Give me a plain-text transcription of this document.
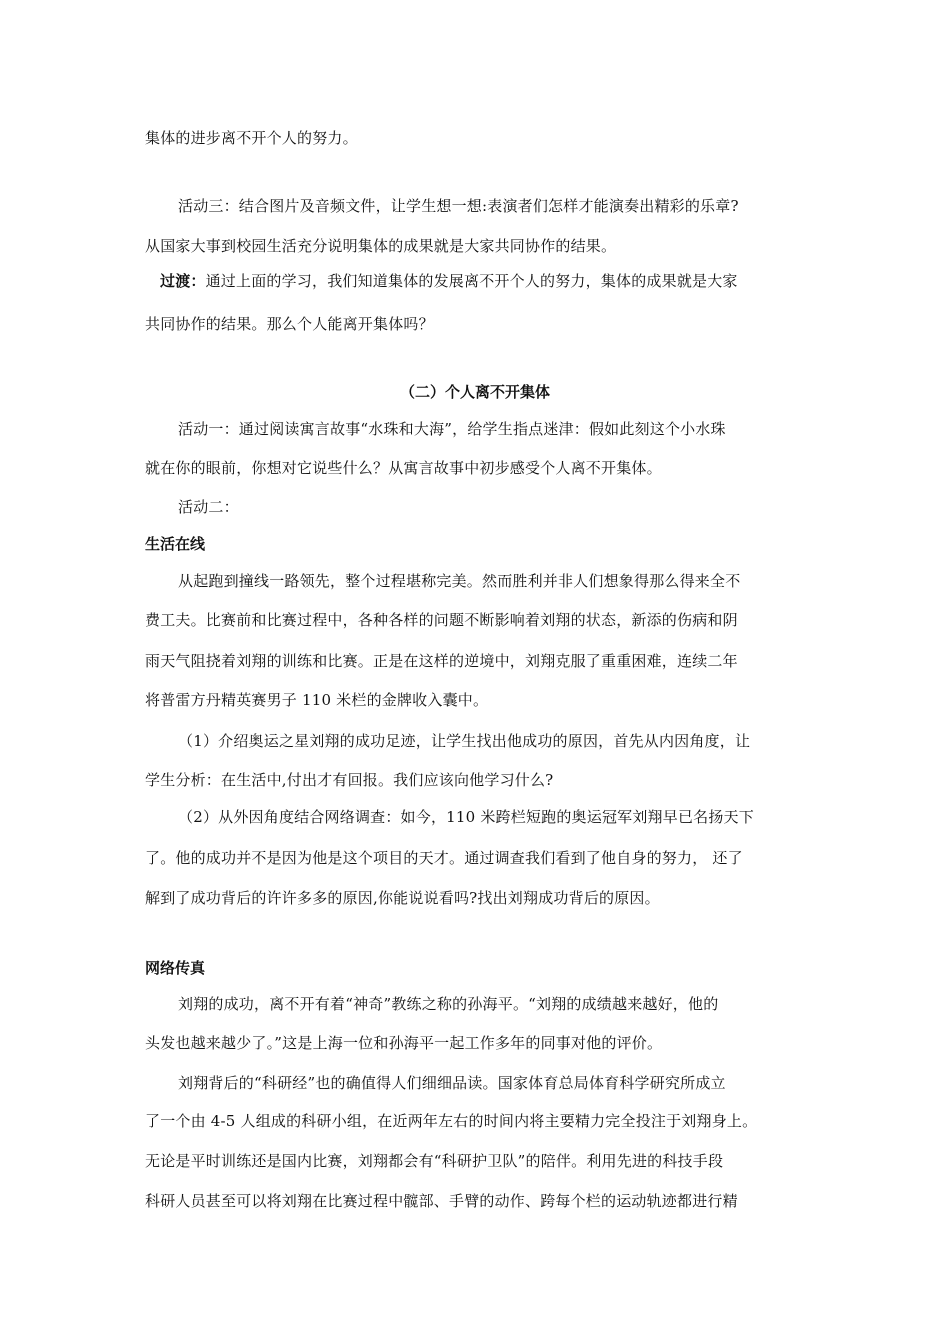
集体的进步离不开个人的努力。
活动三：结合图片及音频文件，让学生想一想:表演者们怎样才能演奏出精彩的乐章?
从国家大事到校园生活充分说明集体的成果就是大家共同协作的结果。
过渡：通过上面的学习，我们知道集体的发展离不开个人的努力，集体的成果就是大家
共同协作的结果。那么个人能离开集体吗？
（二）个人离不开集体
活动一：通过阅读寓言故事“水珠和大海”，给学生指点迷津：假如此刻这个小水珠
就在你的眼前，你想对它说些什么？从寓言故事中初步感受个人离不开集体。
活动二：
生活在线
从起跑到撞线一路领先，整个过程堪称完美。然而胜利并非人们想象得那么得来全不
费工夫。比赛前和比赛过程中，各种各样的问题不断影响着刘翔的状态，新添的伤病和阴
雨天气阻挠着刘翔的训练和比赛。正是在这样的逆境中，刘翔克服了重重困难，连续二年
将普雷方丹精英赛男子 110 米栏的金牌收入囊中。
（1）介绍奥运之星刘翔的成功足迹，让学生找出他成功的原因，首先从内因角度，让
学生分析：在生活中,付出才有回报。我们应该向他学习什么?
（2）从外因角度结合网络调查：如今，110 米跨栏短跑的奥运冠军刘翔早已名扬天下
了。他的成功并不是因为他是这个项目的天才。通过调查我们看到了他自身的努力， 还了
解到了成功背后的许许多多的原因,你能说说看吗?找出刘翔成功背后的原因。
网络传真
刘翔的成功，离不开有着“神奇”教练之称的孙海平。“刘翔的成绩越来越好，他的
头发也越来越少了。”这是上海一位和孙海平一起工作多年的同事对他的评价。
刘翔背后的“科研经”也的确值得人们细细品读。国家体育总局体育科学研究所成立
了一个由 4-5 人组成的科研小组，在近两年左右的时间内将主要精力完全投注于刘翔身上。
无论是平时训练还是国内比赛，刘翔都会有“科研护卫队”的陪伴。利用先进的科技手段
科研人员甚至可以将刘翔在比赛过程中髋部、手臂的动作、跨每个栏的运动轨迹都进行精
